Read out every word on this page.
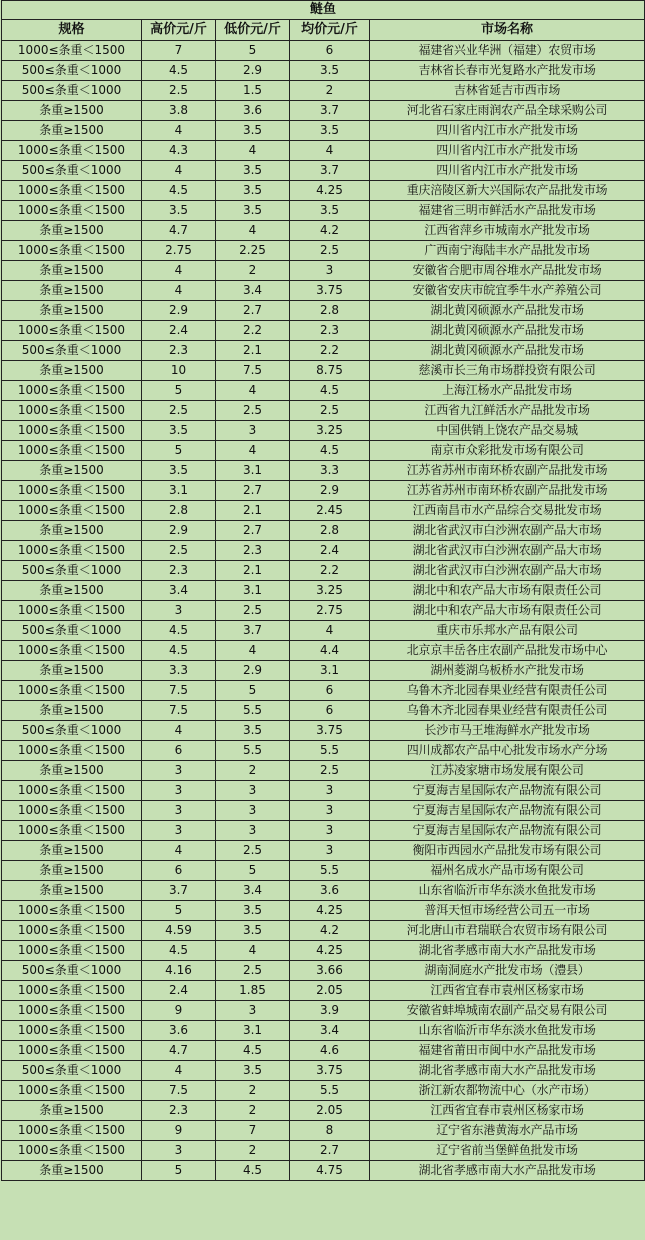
鲢鱼				
规格	高价元/斤	低价元/斤	均价元/斤	市场名称
1000≤条重＜1500	7	5	6	福建省兴业华洲（福建）农贸市场
500≤条重＜1000	4.5	2.9	3.5	吉林省长春市光复路水产批发市场
500≤条重＜1000	2.5	1.5	2	吉林省延吉市西市场
条重≥1500	3.8	3.6	3.7	河北省石家庄雨润农产品全球采购公司
条重≥1500	4	3.5	3.5	四川省内江市水产批发市场
1000≤条重＜1500	4.3	4	4	四川省内江市水产批发市场
500≤条重＜1000	4	3.5	3.7	四川省内江市水产批发市场
1000≤条重＜1500	4.5	3.5	4.25	重庆涪陵区新大兴国际农产品批发市场
1000≤条重＜1500	3.5	3.5	3.5	福建省三明市鲜活水产品批发市场
条重≥1500	4.7	4	4.2	江西省萍乡市城南水产批发市场
1000≤条重＜1500	2.75	2.25	2.5	广西南宁海陆丰水产品批发市场
条重≥1500	4	2	3	安徽省合肥市周谷堆水产品批发市场
条重≥1500	4	3.4	3.75	安徽省安庆市皖宜季牛水产养殖公司
条重≥1500	2.9	2.7	2.8	湖北黄冈硕源水产品批发市场
1000≤条重＜1500	2.4	2.2	2.3	湖北黄冈硕源水产品批发市场
500≤条重＜1000	2.3	2.1	2.2	湖北黄冈硕源水产品批发市场
条重≥1500	10	7.5	8.75	慈溪市长三角市场群投资有限公司
1000≤条重＜1500	5	4	4.5	上海江杨水产品批发市场
1000≤条重＜1500	2.5	2.5	2.5	江西省九江鲜活水产品批发市场
1000≤条重＜1500	3.5	3	3.25	中国供销上饶农产品交易城
1000≤条重＜1500	5	4	4.5	南京市众彩批发市场有限公司
条重≥1500	3.5	3.1	3.3	江苏省苏州市南环桥农副产品批发市场
1000≤条重＜1500	3.1	2.7	2.9	江苏省苏州市南环桥农副产品批发市场
1000≤条重＜1500	2.8	2.1	2.45	江西南昌市水产品综合交易批发市场
条重≥1500	2.9	2.7	2.8	湖北省武汉市白沙洲农副产品大市场
1000≤条重＜1500	2.5	2.3	2.4	湖北省武汉市白沙洲农副产品大市场
500≤条重＜1000	2.3	2.1	2.2	湖北省武汉市白沙洲农副产品大市场
条重≥1500	3.4	3.1	3.25	湖北中和农产品大市场有限责任公司
1000≤条重＜1500	3	2.5	2.75	湖北中和农产品大市场有限责任公司
500≤条重＜1000	4.5	3.7	4	重庆市乐邦水产品有限公司
1000≤条重＜1500	4.5	4	4.4	北京京丰岳各庄农副产品批发市场中心
条重≥1500	3.3	2.9	3.1	湖州菱湖乌板桥水产批发市场
1000≤条重＜1500	7.5	5	6	乌鲁木齐北园春果业经营有限责任公司
条重≥1500	7.5	5.5	6	乌鲁木齐北园春果业经营有限责任公司
500≤条重＜1000	4	3.5	3.75	长沙市马王堆海鲜水产批发市场
1000≤条重＜1500	6	5.5	5.5	四川成都农产品中心批发市场水产分场
条重≥1500	3	2	2.5	江苏凌家塘市场发展有限公司
1000≤条重＜1500	3	3	3	宁夏海吉星国际农产品物流有限公司
1000≤条重＜1500	3	3	3	宁夏海吉星国际农产品物流有限公司
1000≤条重＜1500	3	3	3	宁夏海吉星国际农产品物流有限公司
条重≥1500	4	2.5	3	衡阳市西园水产品批发市场有限公司
条重≥1500	6	5	5.5	福州名成水产品市场有限公司
条重≥1500	3.7	3.4	3.6	山东省临沂市华东淡水鱼批发市场
1000≤条重＜1500	5	3.5	4.25	普洱天恒市场经营公司五一市场
1000≤条重＜1500	4.59	3.5	4.2	河北唐山市君瑞联合农贸市场有限公司
1000≤条重＜1500	4.5	4	4.25	湖北省孝感市南大水产品批发市场
500≤条重＜1000	4.16	2.5	3.66	湖南洞庭水产批发市场（澧县）
1000≤条重＜1500	2.4	1.85	2.05	江西省宜春市袁州区杨家市场
1000≤条重＜1500	9	3	3.9	安徽省蚌埠城南农副产品交易有限公司
1000≤条重＜1500	3.6	3.1	3.4	山东省临沂市华东淡水鱼批发市场
1000≤条重＜1500	4.7	4.5	4.6	福建省莆田市闽中水产品批发市场
500≤条重＜1000	4	3.5	3.75	湖北省孝感市南大水产品批发市场
1000≤条重＜1500	7.5	2	5.5	浙江新农都物流中心（水产市场）
条重≥1500	2.3	2	2.05	江西省宜春市袁州区杨家市场
1000≤条重＜1500	9	7	8	辽宁省东港黄海水产品市场
1000≤条重＜1500	3	2	2.7	辽宁省前当堡鲜鱼批发市场
条重≥1500	5	4.5	4.75	湖北省孝感市南大水产品批发市场
